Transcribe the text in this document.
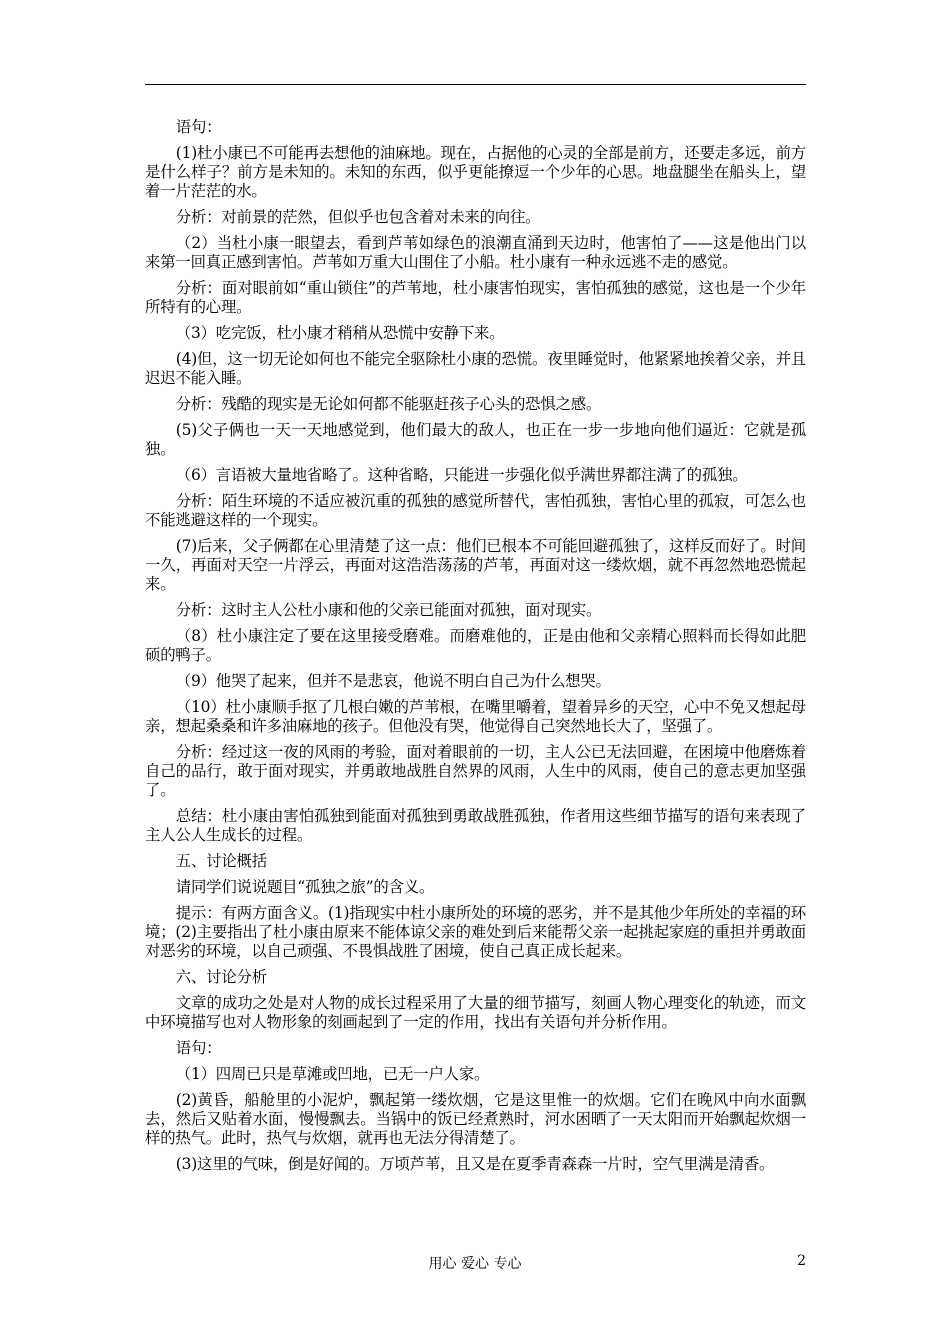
语句：

(1)杜小康已不可能再去想他的油麻地。现在，占据他的心灵的全部是前方，还要走多远，前方是什么样子？前方是未知的。未知的东西，似乎更能撩逗一个少年的心思。地盘腿坐在船头上，望着一片茫茫的水。

分析：对前景的茫然，但似乎也包含着对未来的向往。

（2）当杜小康一眼望去，看到芦苇如绿色的浪潮直涌到天边时，他害怕了——这是他出门以来第一回真正感到害怕。芦苇如万重大山围住了小船。杜小康有一种永远逃不走的感觉。

分析：面对眼前如“重山锁住”的芦苇地，杜小康害怕现实，害怕孤独的感觉，这也是一个少年所特有的心理。

（3）吃完饭，杜小康才稍稍从恐慌中安静下来。

(4)但，这一切无论如何也不能完全驱除杜小康的恐慌。夜里睡觉时，他紧紧地挨着父亲，并且迟迟不能入睡。

分析：残酷的现实是无论如何都不能驱赶孩子心头的恐惧之感。

(5)父子俩也一天一天地感觉到，他们最大的敌人，也正在一步一步地向他们逼近：它就是孤独。

（6）言语被大量地省略了。这种省略，只能进一步强化似乎满世界都注满了的孤独。

分析：陌生环境的不适应被沉重的孤独的感觉所替代，害怕孤独，害怕心里的孤寂，可怎么也不能逃避这样的一个现实。

(7)后来，父子俩都在心里清楚了这一点：他们已根本不可能回避孤独了，这样反而好了。时间一久，再面对天空一片浮云，再面对这浩浩荡荡的芦苇，再面对这一缕炊烟，就不再忽然地恐慌起来。

分析：这时主人公杜小康和他的父亲已能面对孤独，面对现实。

（8）杜小康注定了要在这里接受磨难。而磨难他的，正是由他和父亲精心照料而长得如此肥硕的鸭子。

（9）他哭了起来，但并不是悲哀，他说不明白自己为什么想哭。

（10）杜小康顺手抠了几根白嫩的芦苇根，在嘴里嚼着，望着异乡的天空，心中不免又想起母亲，想起桑桑和许多油麻地的孩子。但他没有哭，他觉得自己突然地长大了，坚强了。

分析：经过这一夜的风雨的考验，面对着眼前的一切，主人公已无法回避，在困境中他磨炼着自己的品行，敢于面对现实，并勇敢地战胜自然界的风雨，人生中的风雨，使自己的意志更加坚强了。

总结：杜小康由害怕孤独到能面对孤独到勇敢战胜孤独，作者用这些细节描写的语句来表现了主人公人生成长的过程。

五、讨论概括

请同学们说说题目“孤独之旅”的含义。

提示：有两方面含义。(1)指现实中杜小康所处的环境的恶劣，并不是其他少年所处的幸福的环境；(2)主要指出了杜小康由原来不能体谅父亲的难处到后来能帮父亲一起挑起家庭的重担并勇敢面对恶劣的环境，以自己顽强、不畏惧战胜了困境，使自己真正成长起来。

六、讨论分析

文章的成功之处是对人物的成长过程采用了大量的细节描写，刻画人物心理变化的轨迹，而文中环境描写也对人物形象的刻画起到了一定的作用，找出有关语句并分析作用。

语句：

（1）四周已只是草滩或凹地，已无一户人家。

(2)黄昏，船舱里的小泥炉，飘起第一缕炊烟，它是这里惟一的炊烟。它们在晚风中向水面飘去，然后又贴着水面，慢慢飘去。当锅中的饭已经煮熟时，河水困晒了一天太阳而开始飘起炊烟一样的热气。此时，热气与炊烟，就再也无法分得清楚了。

(3)这里的气味，倒是好闻的。万顷芦苇，且又是在夏季青森森一片时，空气里满是清香。

用心 爱心 专心	2
